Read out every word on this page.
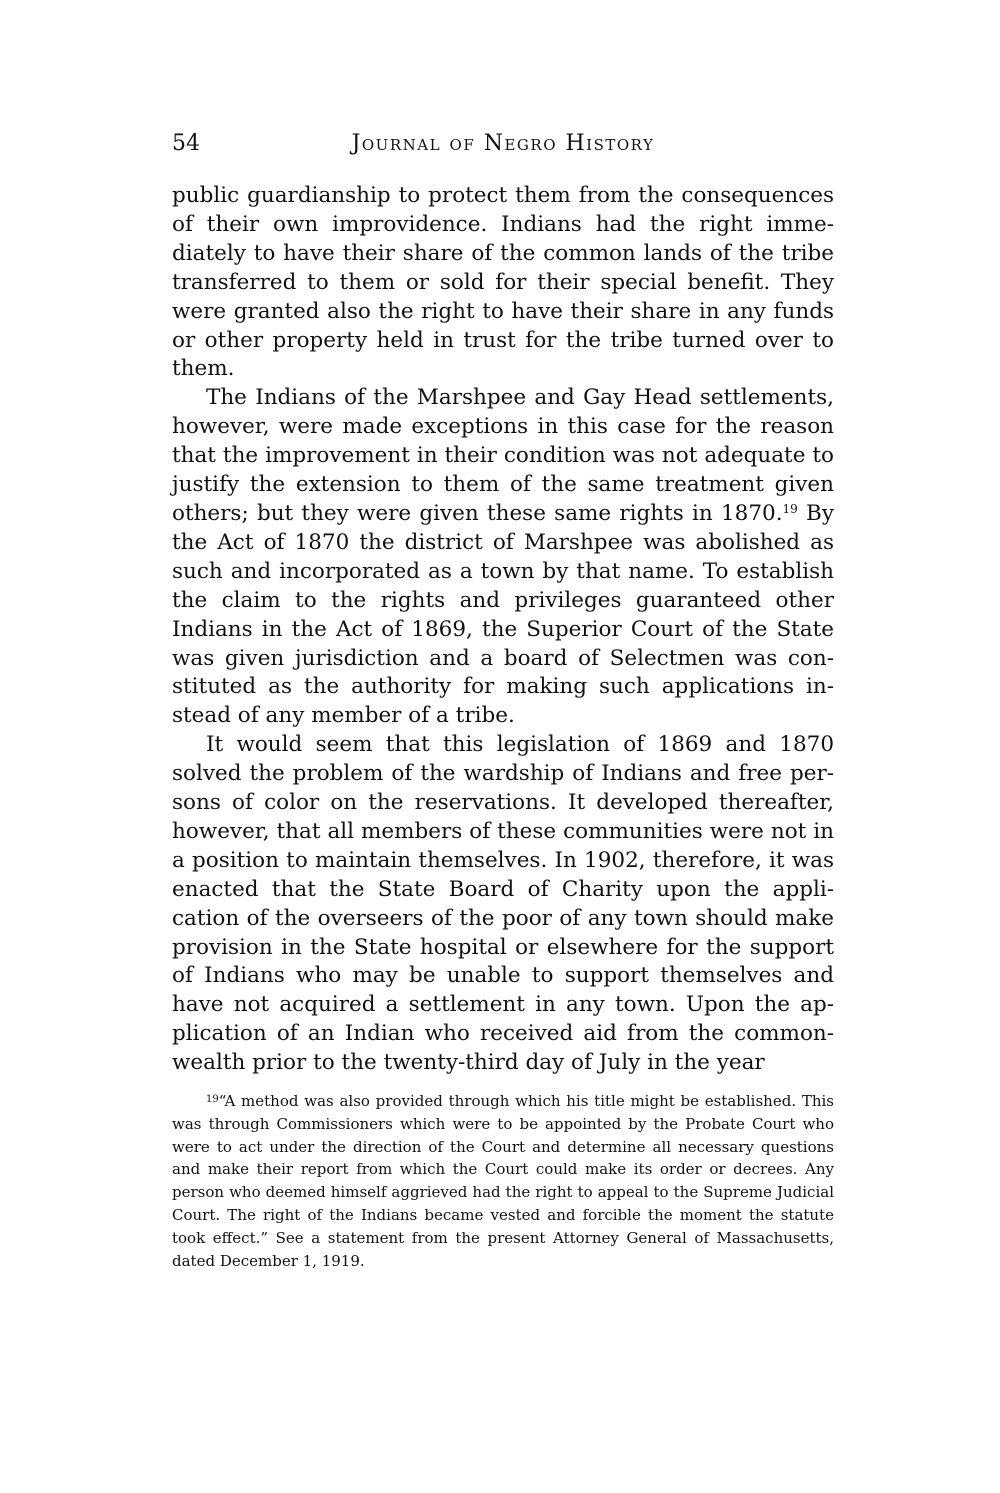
54	Journal of Negro History

public guardianship to protect them from the consequences of their own improvidence. Indians had the right immediately to have their share of the common lands of the tribe transferred to them or sold for their special benefit. They were granted also the right to have their share in any funds or other property held in trust for the tribe turned over to them.

The Indians of the Marshpee and Gay Head settlements, however, were made exceptions in this case for the reason that the improvement in their condition was not adequate to justify the extension to them of the same treatment given others; but they were given these same rights in 1870.19 By the Act of 1870 the district of Marshpee was abolished as such and incorporated as a town by that name. To establish the claim to the rights and privileges guaranteed other Indians in the Act of 1869, the Superior Court of the State was given jurisdiction and a board of Selectmen was constituted as the authority for making such applications instead of any member of a tribe.

It would seem that this legislation of 1869 and 1870 solved the problem of the wardship of Indians and free persons of color on the reservations. It developed thereafter, however, that all members of these communities were not in a position to maintain themselves. In 1902, therefore, it was enacted that the State Board of Charity upon the application of the overseers of the poor of any town should make provision in the State hospital or elsewhere for the support of Indians who may be unable to support themselves and have not acquired a settlement in any town. Upon the application of an Indian who received aid from the commonwealth prior to the twenty-third day of July in the year

$^{19}$“A method was also provided through which his title might be established. This was through Commissioners which were to be appointed by the Probate Court who were to act under the direction of the Court and determine all necessary questions and make their report from which the Court could make its order or decrees. Any person who deemed himself aggrieved had the right to appeal to the Supreme Judicial Court. The right of the Indians became vested and forcible the moment the statute took effect.” See a statement from the present Attorney General of Massachusetts, dated December 1, 1919.
